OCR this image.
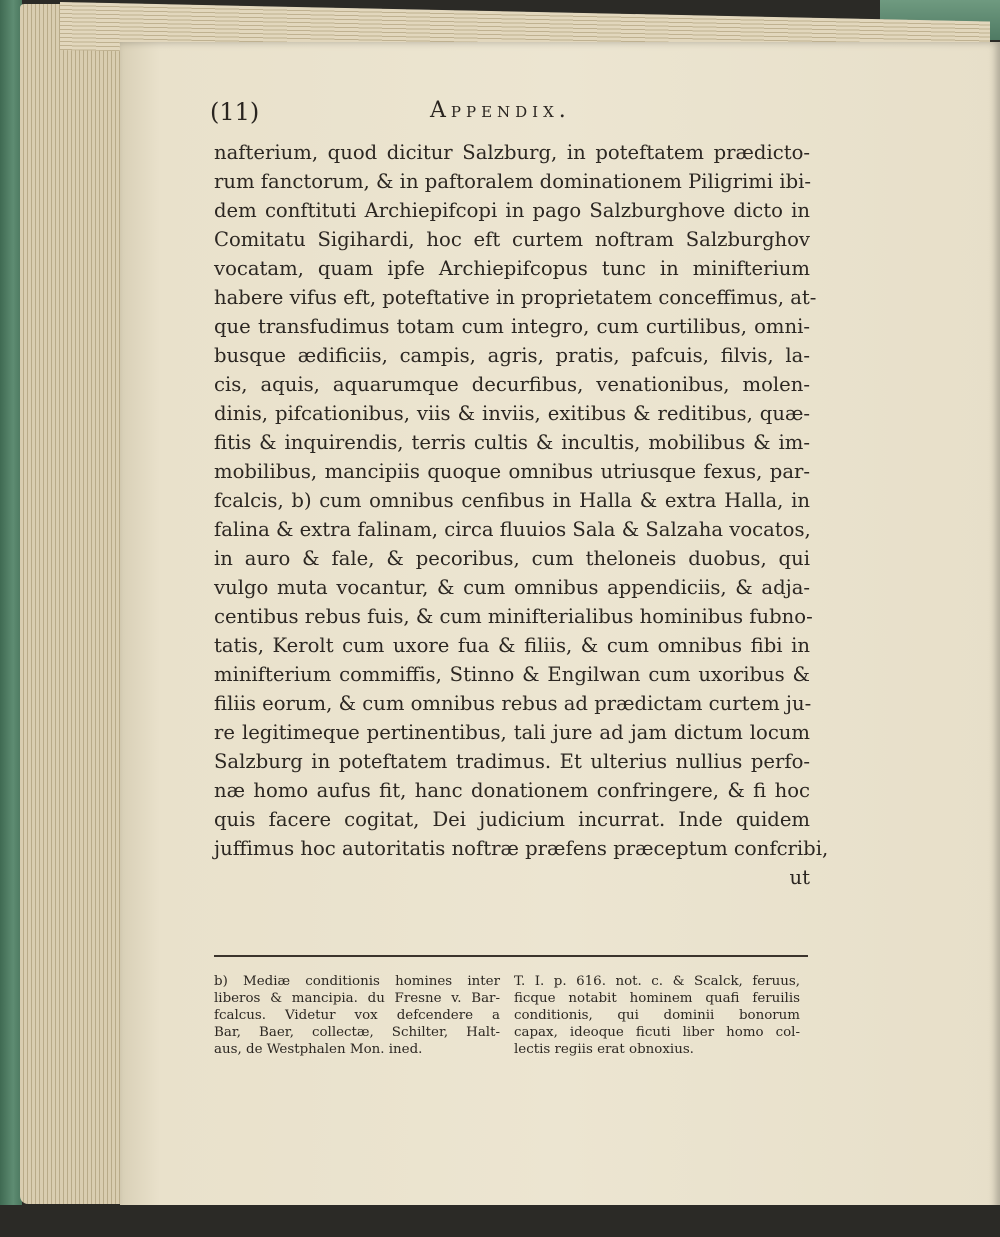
(11)	Appendix.
nafterium, quod dicitur Salzburg, in poteftatem prædicto-
rum fanctorum, & in paftoralem dominationem Piligrimi ibi-
dem conftituti Archiepifcopi in pago Salzburghove dicto in
Comitatu Sigihardi, hoc eft curtem noftram Salzburghov
vocatam, quam ipfe Archiepifcopus tunc in minifterium
habere vifus eft, poteftative in proprietatem conceffimus, at-
que transfudimus totam cum integro, cum curtilibus, omni-
busque ædificiis, campis, agris, pratis, pafcuis, filvis, la-
cis, aquis, aquarumque decurfibus, venationibus, molen-
dinis, pifcationibus, viis & inviis, exitibus & reditibus, quæ-
fitis & inquirendis, terris cultis & incultis, mobilibus & im-
mobilibus, mancipiis quoque omnibus utriusque fexus, par-
fcalcis, b) cum omnibus cenfibus in Halla & extra Halla, in
falina & extra falinam, circa fluuios Sala & Salzaha vocatos,
in auro & fale, & pecoribus, cum theloneis duobus, qui
vulgo muta vocantur, & cum omnibus appendiciis, & adja-
centibus rebus fuis, & cum minifterialibus hominibus fubno-
tatis, Kerolt cum uxore fua & filiis, & cum omnibus fibi in
minifterium commiffis, Stinno & Engilwan cum uxoribus &
filiis eorum, & cum omnibus rebus ad prædictam curtem ju-
re legitimeque pertinentibus, tali jure ad jam dictum locum
Salzburg in poteftatem tradimus. Et ulterius nullius perfo-
næ homo aufus fit, hanc donationem confringere, & fi hoc
quis facere cogitat, Dei judicium incurrat. Inde quidem
juffimus hoc autoritatis noftræ præfens præceptum confcribi,
ut
b) Mediæ conditionis homines inter
liberos & mancipia. du Fresne v. Bar-
fcalcus. Videtur vox defcendere a
Bar, Baer, collectæ, Schilter, Halt-
aus, de Westphalen Mon. ined.
T. I. p. 616. not. c. & Scalck, feruus,
ficque notabit hominem quafi feruilis
conditionis, qui dominii bonorum
capax, ideoque ficuti liber homo col-
lectis regiis erat obnoxius.
